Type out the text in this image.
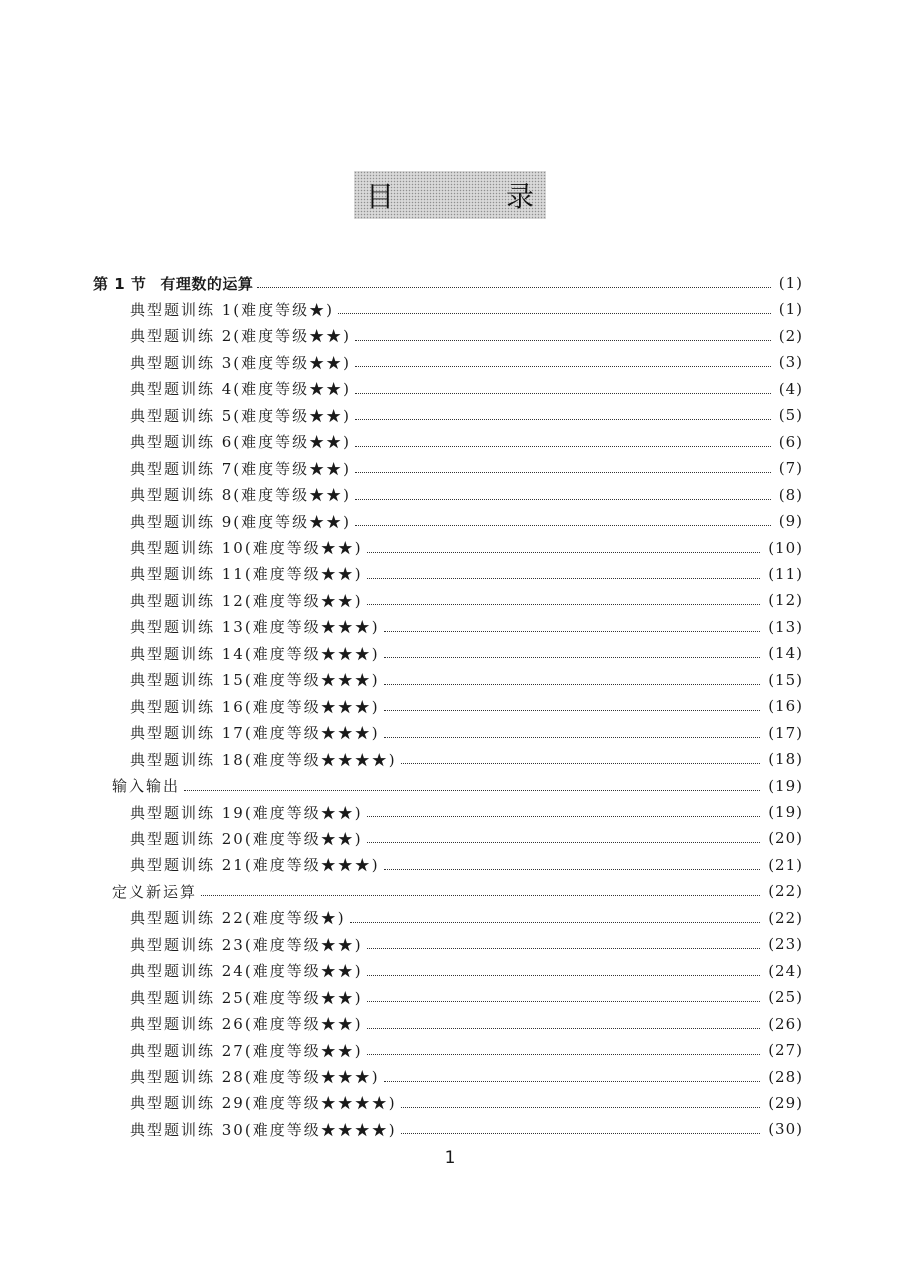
目　录
第 1 节 有理数的运算	(1)
典型题训练 1(难度等级★)	(1)
典型题训练 2(难度等级★★)	(2)
典型题训练 3(难度等级★★)	(3)
典型题训练 4(难度等级★★)	(4)
典型题训练 5(难度等级★★)	(5)
典型题训练 6(难度等级★★)	(6)
典型题训练 7(难度等级★★)	(7)
典型题训练 8(难度等级★★)	(8)
典型题训练 9(难度等级★★)	(9)
典型题训练 10(难度等级★★)	(10)
典型题训练 11(难度等级★★)	(11)
典型题训练 12(难度等级★★)	(12)
典型题训练 13(难度等级★★★)	(13)
典型题训练 14(难度等级★★★)	(14)
典型题训练 15(难度等级★★★)	(15)
典型题训练 16(难度等级★★★)	(16)
典型题训练 17(难度等级★★★)	(17)
典型题训练 18(难度等级★★★★)	(18)
输入输出	(19)
典型题训练 19(难度等级★★)	(19)
典型题训练 20(难度等级★★)	(20)
典型题训练 21(难度等级★★★)	(21)
定义新运算	(22)
典型题训练 22(难度等级★)	(22)
典型题训练 23(难度等级★★)	(23)
典型题训练 24(难度等级★★)	(24)
典型题训练 25(难度等级★★)	(25)
典型题训练 26(难度等级★★)	(26)
典型题训练 27(难度等级★★)	(27)
典型题训练 28(难度等级★★★)	(28)
典型题训练 29(难度等级★★★★)	(29)
典型题训练 30(难度等级★★★★)	(30)
1
